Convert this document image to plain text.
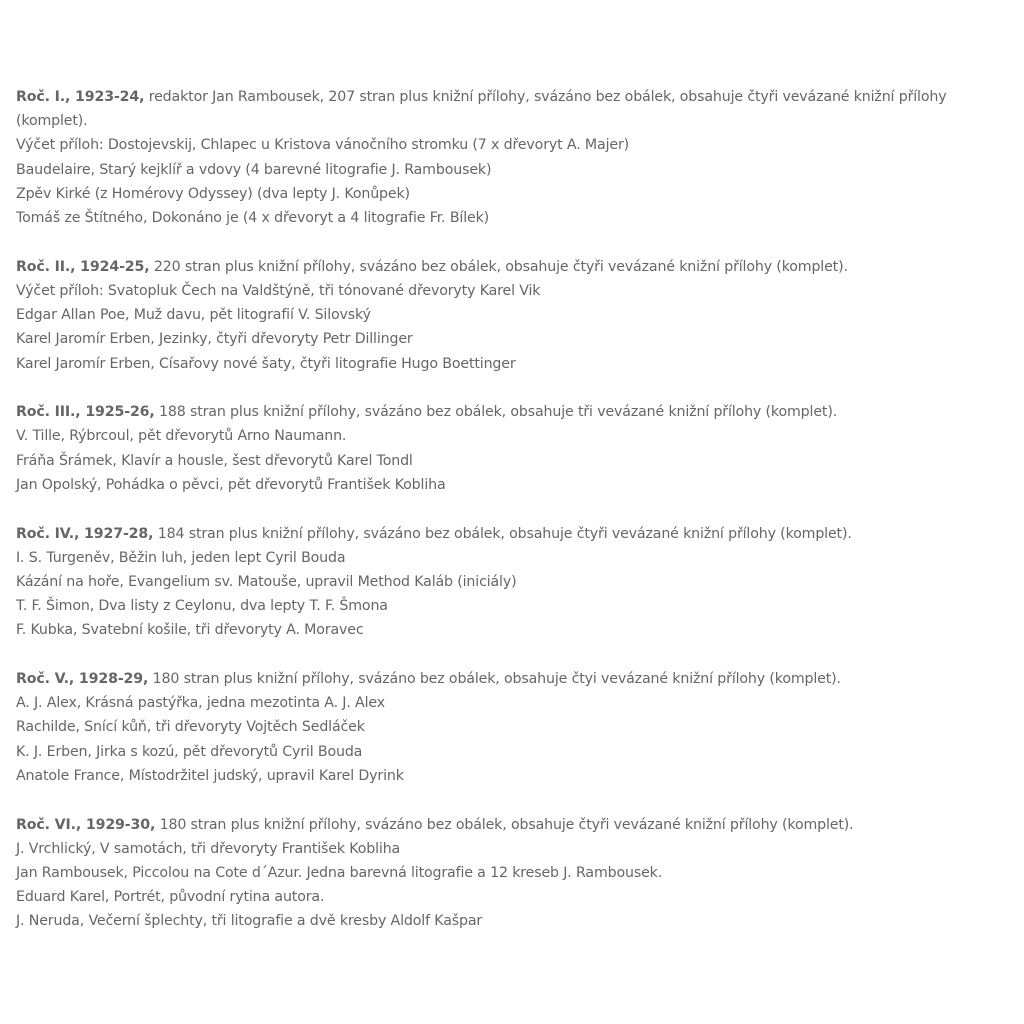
Roč. I., 1923-24, redaktor Jan Rambousek, 207 stran plus knižní přílohy, svázáno bez obálek, obsahuje čtyři vevázané knižní přílohy (komplet).
Výčet příloh: Dostojevskij, Chlapec u Kristova vánočního stromku (7 x dřevoryt A. Majer)
Baudelaire, Starý kejklíř a vdovy (4 barevné litografie J. Rambousek)
Zpěv Kirké (z Homérovy Odyssey) (dva lepty J. Konůpek)
Tomáš ze Štítného, Dokonáno je (4 x dřevoryt a 4 litografie Fr. Bílek)
Roč. II., 1924-25, 220 stran plus knižní přílohy, svázáno bez obálek, obsahuje čtyři vevázané knižní přílohy (komplet).
Výčet příloh: Svatopluk Čech na Valdštýně, tři tónované dřevoryty Karel Vik
Edgar Allan Poe, Muž davu, pět litografií V. Silovský
Karel Jaromír Erben, Jezinky, čtyři dřevoryty Petr Dillinger
Karel Jaromír Erben, Císařovy nové šaty, čtyři litografie Hugo Boettinger
Roč. III., 1925-26, 188 stran plus knižní přílohy, svázáno bez obálek, obsahuje tři vevázané knižní přílohy (komplet).
V. Tille, Rýbrcoul, pět dřevorytů Arno Naumann.
Fráňa Šrámek, Klavír a housle, šest dřevorytů Karel Tondl
Jan Opolský, Pohádka o pěvci, pět dřevorytů František Kobliha
Roč. IV., 1927-28, 184 stran plus knižní přílohy, svázáno bez obálek, obsahuje čtyři vevázané knižní přílohy (komplet).
I. S. Turgeněv, Běžin luh, jeden lept Cyril Bouda
Kázání na hoře, Evangelium sv. Matouše, upravil Method Kaláb (iniciály)
T. F. Šimon, Dva listy z Ceylonu, dva lepty T. F. Šmona
F. Kubka, Svatební košile, tři dřevoryty A. Moravec
Roč. V., 1928-29, 180 stran plus knižní přílohy, svázáno bez obálek, obsahuje čtyi vevázané knižní přílohy (komplet).
A. J. Alex, Krásná pastýřka, jedna mezotinta A. J. Alex
Rachilde, Snící kůň, tři dřevoryty Vojtěch Sedláček
K. J. Erben, Jirka s kozú, pět dřevorytů Cyril Bouda
Anatole France, Místodržitel judský, upravil Karel Dyrink
Roč. VI., 1929-30, 180 stran plus knižní přílohy, svázáno bez obálek, obsahuje čtyři vevázané knižní přílohy (komplet).
J. Vrchlický, V samotách, tři dřevoryty František Kobliha
Jan Rambousek, Piccolou na Cote d´Azur. Jedna barevná litografie a 12 kreseb J. Rambousek.
Eduard Karel, Portrét, původní rytina autora.
J. Neruda, Večerní šplechty, tři litografie a dvě kresby Aldolf Kašpar
